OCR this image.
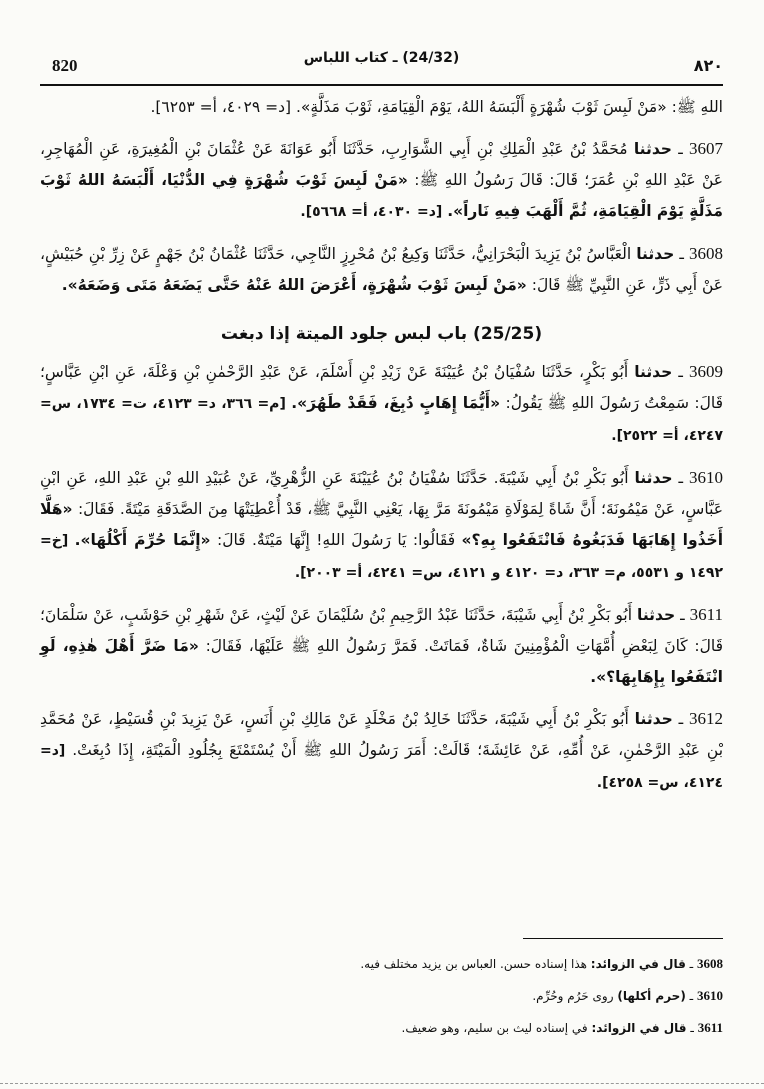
820	(24/32) ـ كتاب اللباس	٨٢٠

اللهِ ﷺ: «مَنْ لَبِسَ ثَوْبَ شُهْرَةٍ أَلْبَسَهُ اللهُ، يَوْمَ الْقِيَامَةِ، ثَوْبَ مَذَلَّةٍ». [د= ٤٠٢٩، أ= ٦٢٥٣].

3607 ـ حدثنا مُحَمَّدُ بْنُ عَبْدِ الْمَلِكِ بْنِ أَبِي الشَّوَارِبِ، حَدَّثَنَا أَبُو عَوَانَةَ عَنْ عُثْمَانَ بْنِ الْمُغِيرَةِ، عَنِ الْمُهَاجِرِ، عَنْ عَبْدِ اللهِ بْنِ عُمَرَ؛ قَالَ: قَالَ رَسُولُ اللهِ ﷺ: «مَنْ لَبِسَ ثَوْبَ شُهْرَةٍ فِي الدُّنْيَا، أَلْبَسَهُ اللهُ ثَوْبَ مَذَلَّةٍ يَوْمَ الْقِيَامَةِ، ثُمَّ أَلْهَبَ فِيهِ نَاراً». [د= ٤٠٣٠، أ= ٥٦٦٨].

3608 ـ حدثنا الْعَبَّاسُ بْنُ يَزِيدَ الْبَحْرَانِيُّ، حَدَّثَنَا وَكِيعُ بْنُ مُحْرِزٍ النَّاجِي، حَدَّثَنَا عُثْمَانُ بْنُ جَهْمٍ عَنْ زِرِّ بْنِ حُبَيْشٍ، عَنْ أَبِي ذَرٍّ، عَنِ النَّبِيِّ ﷺ قَالَ: «مَنْ لَبِسَ ثَوْبَ شُهْرَةٍ، أَعْرَضَ اللهُ عَنْهُ حَتَّى يَضَعَهُ مَتَى وَضَعَهُ».

(25/25) باب لبس جلود الميتة إذا دبغت

3609 ـ حدثنا أَبُو بَكْرٍ، حَدَّثَنَا سُفْيَانُ بْنُ عُيَيْنَةَ عَنْ زَيْدِ بْنِ أَسْلَمَ، عَنْ عَبْدِ الرَّحْمٰنِ بْنِ وَعْلَةَ، عَنِ ابْنِ عَبَّاسٍ؛ قَالَ: سَمِعْتُ رَسُولَ اللهِ ﷺ يَقُولُ: «أَيُّمَا إِهَابٍ دُبِغَ، فَقَدْ طَهُرَ». [م= ٣٦٦، د= ٤١٢٣، ت= ١٧٣٤، س= ٤٢٤٧، أ= ٢٥٢٢].

3610 ـ حدثنا أَبُو بَكْرِ بْنُ أَبِي شَيْبَةَ. حَدَّثَنَا سُفْيَانُ بْنُ عُيَيْنَةَ عَنِ الزُّهْرِيِّ، عَنْ عُبَيْدِ اللهِ بْنِ عَبْدِ اللهِ، عَنِ ابْنِ عَبَّاسٍ، عَنْ مَيْمُونَةَ؛ أَنَّ شَاةً لِمَوْلَاةِ مَيْمُونَةَ مَرَّ بِهَا، يَعْنِي النَّبِيَّ ﷺ، قَدْ أُعْطِيَتْهَا مِنَ الصَّدَقَةِ مَيْتَةً. فَقَالَ: «هَلَّا أَخَذُوا إِهَابَهَا فَدَبَغُوهُ فَانْتَفَعُوا بِهِ؟» فَقَالُوا: يَا رَسُولَ اللهِ! إِنَّهَا مَيْتَةٌ. قَالَ: «إِنَّمَا حُرِّمَ أَكْلُهَا». [خ= ١٤٩٢ و ٥٥٣١، م= ٣٦٣، د= ٤١٢٠ و ٤١٢١، س= ٤٢٤١، أ= ٢٠٠٣].

3611 ـ حدثنا أَبُو بَكْرِ بْنُ أَبِي شَيْبَةَ، حَدَّثَنَا عَبْدُ الرَّحِيمِ بْنُ سُلَيْمَانَ عَنْ لَيْثٍ، عَنْ شَهْرِ بْنِ حَوْشَبٍ، عَنْ سَلْمَانَ؛ قَالَ: كَانَ لِبَعْضِ أُمَّهَاتِ الْمُؤْمِنِينَ شَاةٌ، فَمَاتَتْ. فَمَرَّ رَسُولُ اللهِ ﷺ عَلَيْهَا، فَقَالَ: «مَا ضَرَّ أَهْلَ هٰذِهِ، لَوِ انْتَفَعُوا بِإِهَابِهَا؟».

3612 ـ حدثنا أَبُو بَكْرِ بْنُ أَبِي شَيْبَةَ، حَدَّثَنَا خَالِدُ بْنُ مَخْلَدٍ عَنْ مَالِكِ بْنِ أَنَسٍ، عَنْ يَزِيدَ بْنِ قُسَيْطٍ، عَنْ مُحَمَّدِ بْنِ عَبْدِ الرَّحْمٰنِ، عَنْ أُمِّهِ، عَنْ عَائِشَةَ؛ قَالَتْ: أَمَرَ رَسُولُ اللهِ ﷺ أَنْ يُسْتَمْتَعَ بِجُلُودِ الْمَيْتَةِ، إِذَا دُبِغَتْ. [د= ٤١٢٤، س= ٤٢٥٨].

3608 ـ قال في الزوائد: هذا إسناده حسن. العباس بن يزيد مختلف فيه.
3610 ـ (حرم أكلها) روى حَرُم وحُرِّم.
3611 ـ قال في الزوائد: في إسناده ليث بن سليم، وهو ضعيف.
